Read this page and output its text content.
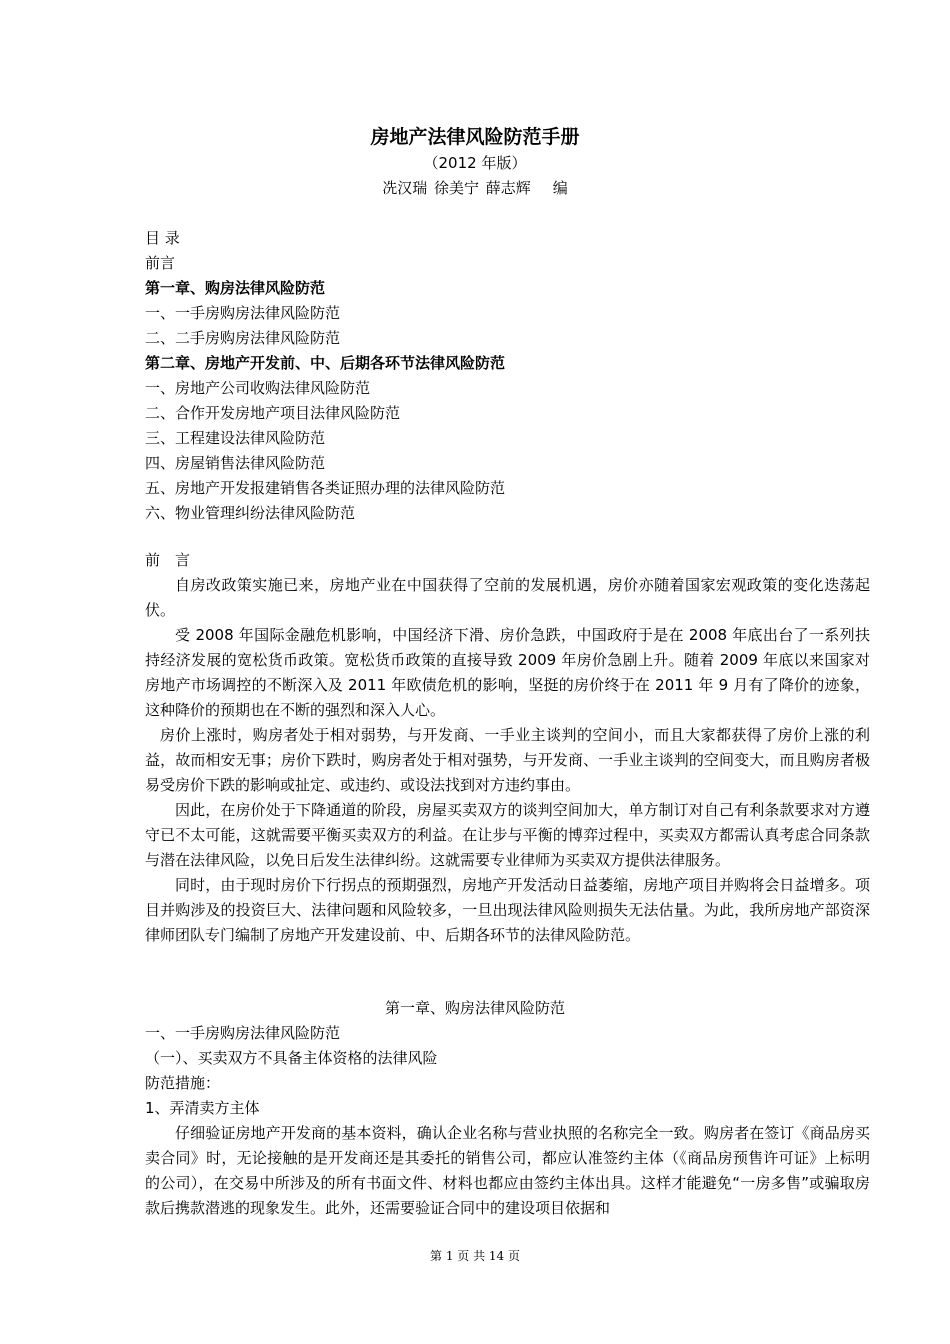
房地产法律风险防范手册
（2012 年版）
冼汉瑞 徐美宁 薛志辉 编
目 录
前言
第一章、购房法律风险防范
一、一手房购房法律风险防范
二、二手房购房法律风险防范
第二章、房地产开发前、中、后期各环节法律风险防范
一、房地产公司收购法律风险防范
二、合作开发房地产项目法律风险防范
三、工程建设法律风险防范
四、房屋销售法律风险防范
五、房地产开发报建销售各类证照办理的法律风险防范
六、物业管理纠纷法律风险防范
前　言

自房改政策实施已来，房地产业在中国获得了空前的发展机遇，房价亦随着国家宏观政策的变化迭荡起伏。

受 2008 年国际金融危机影响，中国经济下滑、房价急跌，中国政府于是在 2008 年底出台了一系列扶持经济发展的宽松货币政策。宽松货币政策的直接导致 2009 年房价急剧上升。随着 2009 年底以来国家对房地产市场调控的不断深入及 2011 年欧债危机的影响，坚挺的房价终于在 2011 年 9 月有了降价的迹象，这种降价的预期也在不断的强烈和深入人心。

房价上涨时，购房者处于相对弱势，与开发商、一手业主谈判的空间小，而且大家都获得了房价上涨的利益，故而相安无事；房价下跌时，购房者处于相对强势，与开发商、一手业主谈判的空间变大，而且购房者极易受房价下跌的影响或扯定、或违约、或设法找到对方违约事由。

因此，在房价处于下降通道的阶段，房屋买卖双方的谈判空间加大，单方制订对自己有利条款要求对方遵守已不太可能，这就需要平衡买卖双方的利益。在让步与平衡的博弈过程中，买卖双方都需认真考虑合同条款与潜在法律风险，以免日后发生法律纠纷。这就需要专业律师为买卖双方提供法律服务。

同时，由于现时房价下行拐点的预期强烈，房地产开发活动日益萎缩，房地产项目并购将会日益增多。项目并购涉及的投资巨大、法律问题和风险较多，一旦出现法律风险则损失无法估量。为此，我所房地产部资深律师团队专门编制了房地产开发建设前、中、后期各环节的法律风险防范。

第一章、购房法律风险防范
一、一手房购房法律风险防范
（一）、买卖双方不具备主体资格的法律风险
防范措施：
1、弄清卖方主体

仔细验证房地产开发商的基本资料，确认企业名称与营业执照的名称完全一致。购房者在签订《商品房买卖合同》时，无论接触的是开发商还是其委托的销售公司，都应认准签约主体（《商品房预售许可证》上标明的公司），在交易中所涉及的所有书面文件、材料也都应由签约主体出具。这样才能避免“一房多售”或骗取房款后携款潜逃的现象发生。此外，还需要验证合同中的建设项目依据和

第 1 页 共 14 页
